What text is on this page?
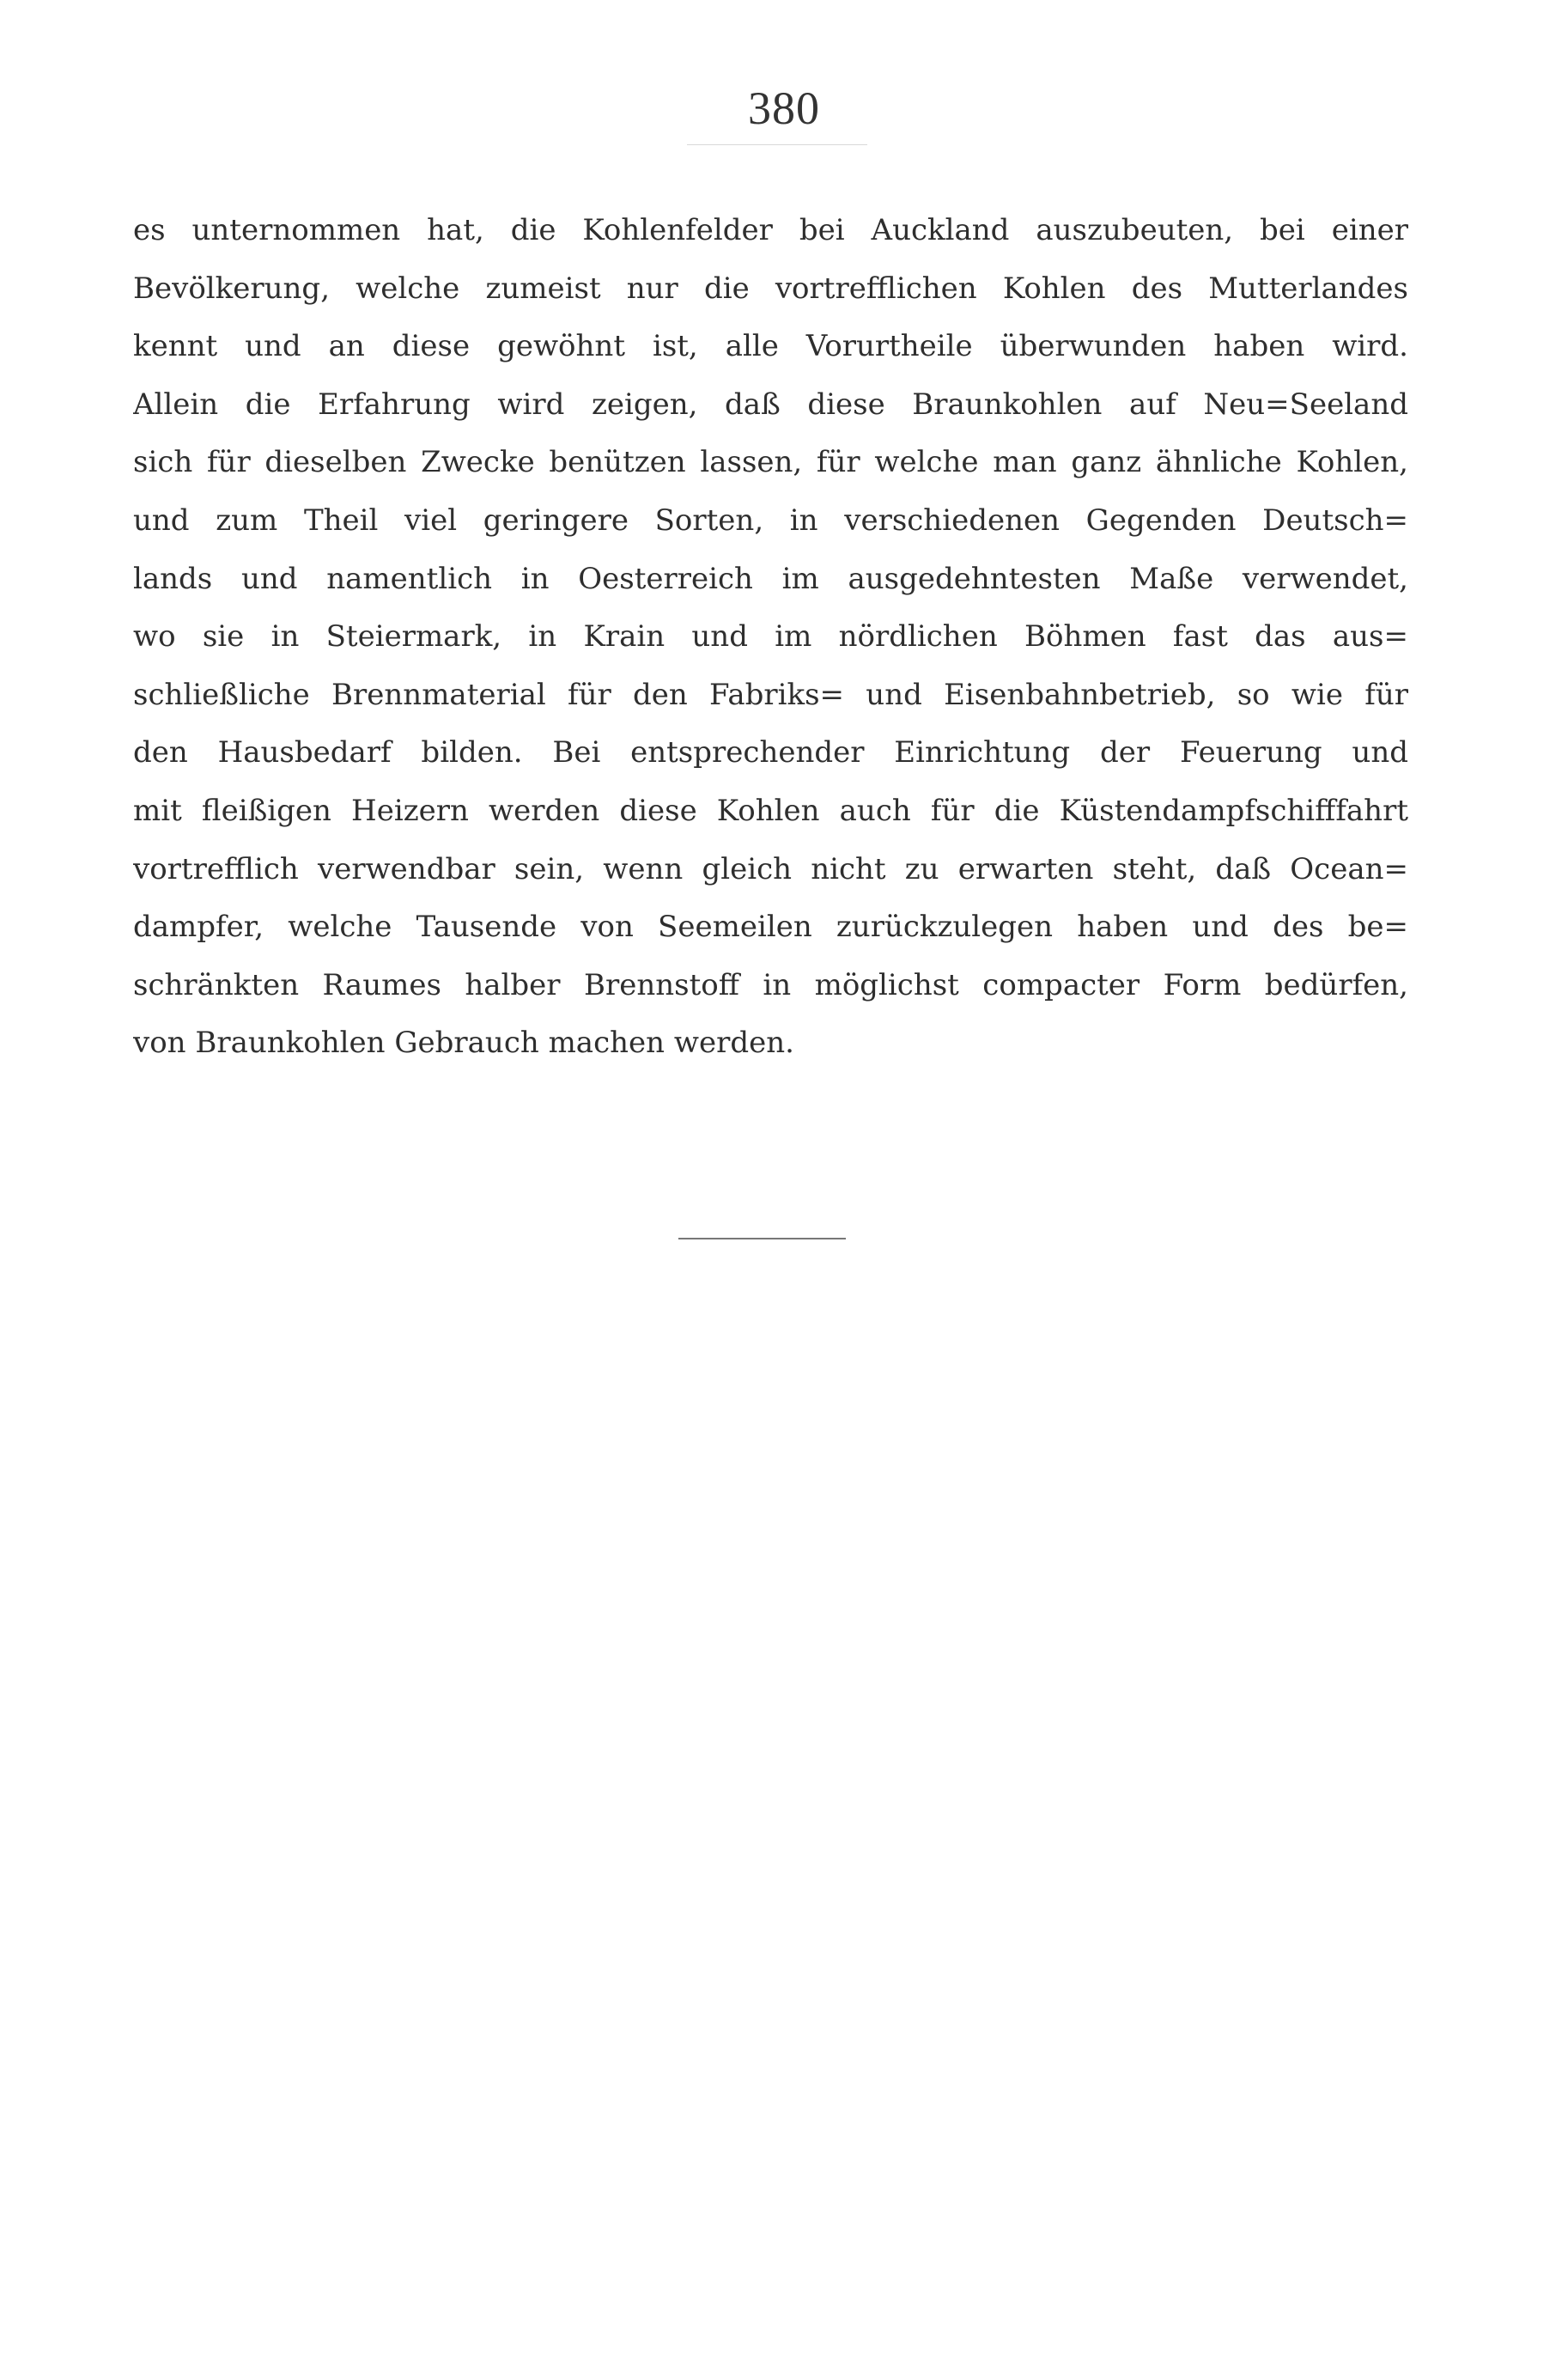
380
es unternommen hat, die Kohlenfelder bei Auckland auszubeuten, bei einer
Bevölkerung, welche zumeist nur die vortrefflichen Kohlen des Mutterlandes
kennt und an diese gewöhnt ist, alle Vorurtheile überwunden haben wird.
Allein die Erfahrung wird zeigen, daß diese Braunkohlen auf Neu=Seeland
sich für dieselben Zwecke benützen lassen, für welche man ganz ähnliche Kohlen,
und zum Theil viel geringere Sorten, in verschiedenen Gegenden Deutsch=
lands und namentlich in Oesterreich im ausgedehntesten Maße verwendet,
wo sie in Steiermark, in Krain und im nördlichen Böhmen fast das aus=
schließliche Brennmaterial für den Fabriks= und Eisenbahnbetrieb, so wie für
den Hausbedarf bilden. Bei entsprechender Einrichtung der Feuerung und
mit fleißigen Heizern werden diese Kohlen auch für die Küstendampfschifffahrt
vortrefflich verwendbar sein, wenn gleich nicht zu erwarten steht, daß Ocean=
dampfer, welche Tausende von Seemeilen zurückzulegen haben und des be=
schränkten Raumes halber Brennstoff in möglichst compacter Form bedürfen,
von Braunkohlen Gebrauch machen werden.
